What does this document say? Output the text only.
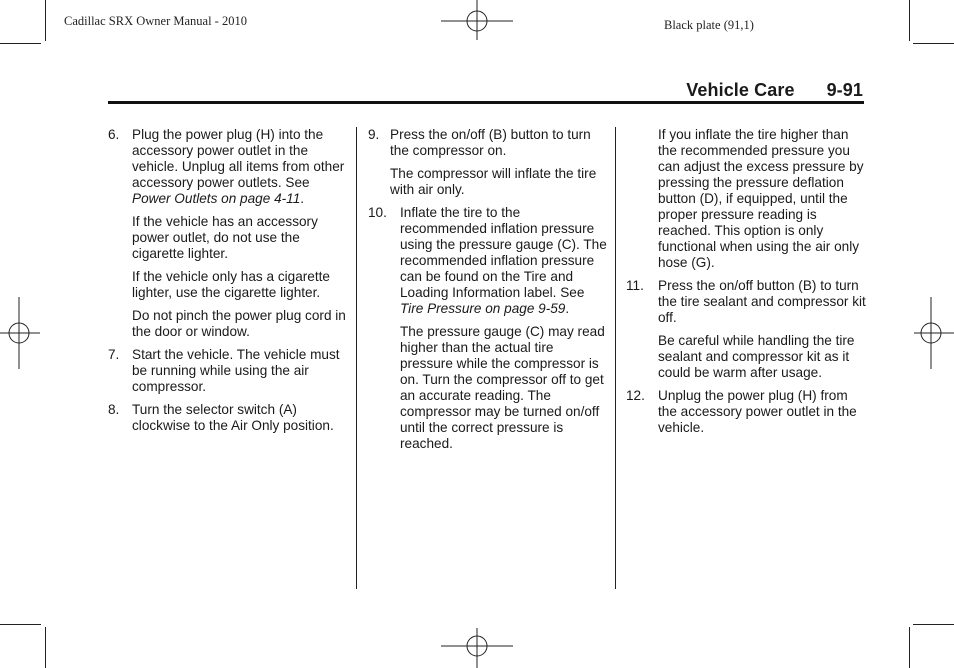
Cadillac SRX Owner Manual - 2010	Black plate (91,1)
Vehicle Care 9-91
6. Plug the power plug (H) into the accessory power outlet in the vehicle. Unplug all items from other accessory power outlets. See Power Outlets on page 4-11.
If the vehicle has an accessory power outlet, do not use the cigarette lighter.
If the vehicle only has a cigarette lighter, use the cigarette lighter.
Do not pinch the power plug cord in the door or window.
7. Start the vehicle. The vehicle must be running while using the air compressor.
8. Turn the selector switch (A) clockwise to the Air Only position.
9. Press the on/off (B) button to turn the compressor on.
The compressor will inflate the tire with air only.
10. Inflate the tire to the recommended inflation pressure using the pressure gauge (C). The recommended inflation pressure can be found on the Tire and Loading Information label. See Tire Pressure on page 9-59.
The pressure gauge (C) may read higher than the actual tire pressure while the compressor is on. Turn the compressor off to get an accurate reading. The compressor may be turned on/off until the correct pressure is reached.
If you inflate the tire higher than the recommended pressure you can adjust the excess pressure by pressing the pressure deflation button (D), if equipped, until the proper pressure reading is reached. This option is only functional when using the air only hose (G).
11. Press the on/off button (B) to turn the tire sealant and compressor kit off.
Be careful while handling the tire sealant and compressor kit as it could be warm after usage.
12. Unplug the power plug (H) from the accessory power outlet in the vehicle.
